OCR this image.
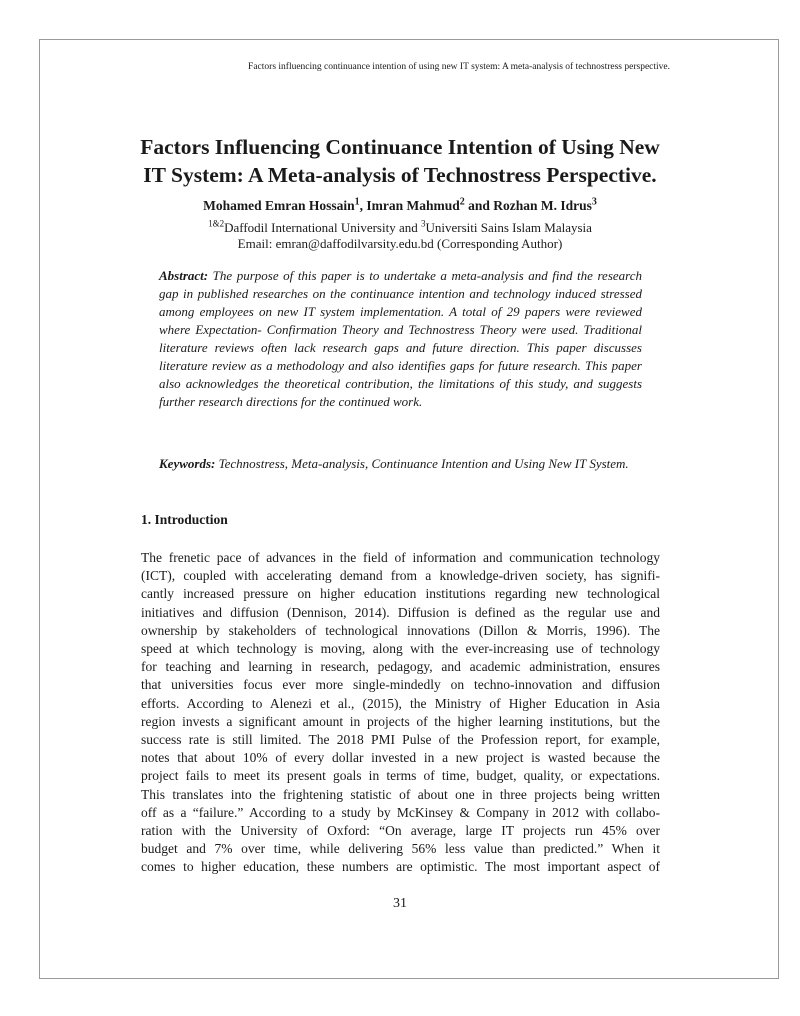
Factors influencing continuance intention of using new IT system: A meta-analysis of technostress perspective.
Factors Influencing Continuance Intention of Using New
IT System: A Meta-analysis of Technostress Perspective.
Mohamed Emran Hossain$^1$, Imran Mahmud$^2$ and Rozhan M. Idrus$^3$
$^{1\&2}$Daffodil International University and $^3$Universiti Sains Islam Malaysia
Email: emran@daffodilvarsity.edu.bd (Corresponding Author)
Abstract: The purpose of this paper is to undertake a meta-analysis and find the research gap in published researches on the continuance intention and technology induced stressed among employees on new IT system implementation. A total of 29 papers were reviewed where Expectation- Confirmation Theory and Technostress Theory were used. Traditional literature reviews often lack research gaps and future direction. This paper discusses literature review as a methodology and also identifies gaps for future research. This paper also acknowledges the theoretical contribution, the limitations of this study, and suggests further research directions for the continued work.
Keywords: Technostress, Meta-analysis, Continuance Intention and Using New IT System.
1. Introduction
The frenetic pace of advances in the field of information and communication technology
(ICT), coupled with accelerating demand from a knowledge-driven society, has signifi-
cantly increased pressure on higher education institutions regarding new technological
initiatives and diffusion (Dennison, 2014). Diffusion is defined as the regular use and
ownership by stakeholders of technological innovations (Dillon & Morris, 1996). The
speed at which technology is moving, along with the ever-increasing use of technology
for teaching and learning in research, pedagogy, and academic administration, ensures
that universities focus ever more single-mindedly on techno-innovation and diffusion
efforts. According to Alenezi et al., (2015), the Ministry of Higher Education in Asia
region invests a significant amount in projects of the higher learning institutions, but the
success rate is still limited. The 2018 PMI Pulse of the Profession report, for example,
notes that about 10% of every dollar invested in a new project is wasted because the
project fails to meet its present goals in terms of time, budget, quality, or expectations.
This translates into the frightening statistic of about one in three projects being written
off as a “failure.” According to a study by McKinsey & Company in 2012 with collabo-
ration with the University of Oxford: “On average, large IT projects run 45% over
budget and 7% over time, while delivering 56% less value than predicted.” When it
comes to higher education, these numbers are optimistic. The most important aspect of
31
